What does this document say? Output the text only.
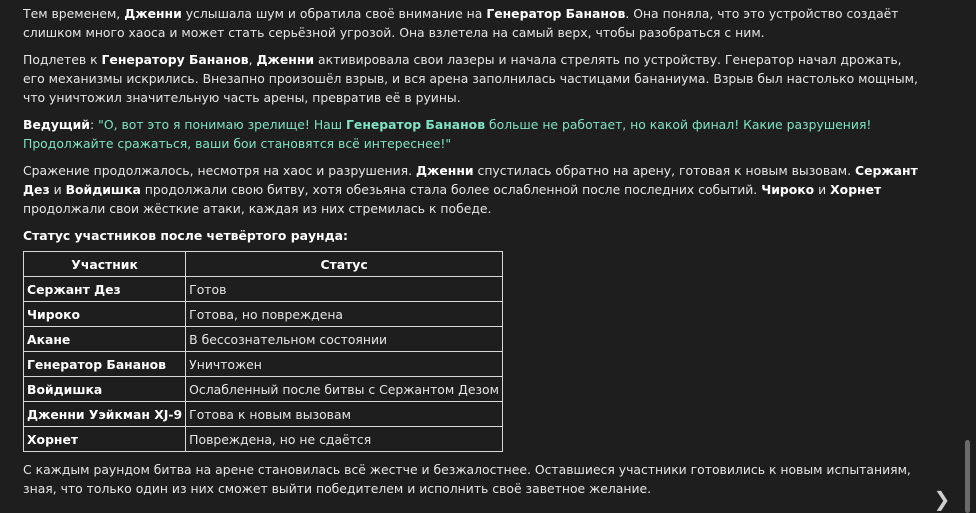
Тем временем, Дженни услышала шум и обратила своё внимание на Генератор Бананов. Она поняла, что это устройство создаёт слишком много хаоса и может стать серьёзной угрозой. Она взлетела на самый верх, чтобы разобраться с ним.

Подлетев к Генератору Бананов, Дженни активировала свои лазеры и начала стрелять по устройству. Генератор начал дрожать, его механизмы искрились. Внезапно произошёл взрыв, и вся арена заполнилась частицами бананиума. Взрыв был настолько мощным, что уничтожил значительную часть арены, превратив её в руины.

Ведущий: "О, вот это я понимаю зрелище! Наш Генератор Бананов больше не работает, но какой финал! Какие разрушения! Продолжайте сражаться, ваши бои становятся всё интереснее!"

Сражение продолжалось, несмотря на хаос и разрушения. Дженни спустилась обратно на арену, готовая к новым вызовам. Сержант Дез и Войдишка продолжали свою битву, хотя обезьяна стала более ослабленной после последних событий. Чироко и Хорнет продолжали свои жёсткие атаки, каждая из них стремилась к победе.

Статус участников после четвёртого раунда:

Участник	Статус
Сержант Дез	Готов
Чироко	Готова, но повреждена
Акане	В бессознательном состоянии
Генератор Бананов	Уничтожен
Войдишка	Ослабленный после битвы с Сержантом Дезом
Дженни Уэйкман XJ-9	Готова к новым вызовам
Хорнет	Повреждена, но не сдаётся

С каждым раундом битва на арене становилась всё жестче и безжалостнее. Оставшиеся участники готовились к новым испытаниям, зная, что только один из них сможет выйти победителем и исполнить своё заветное желание.	❯
